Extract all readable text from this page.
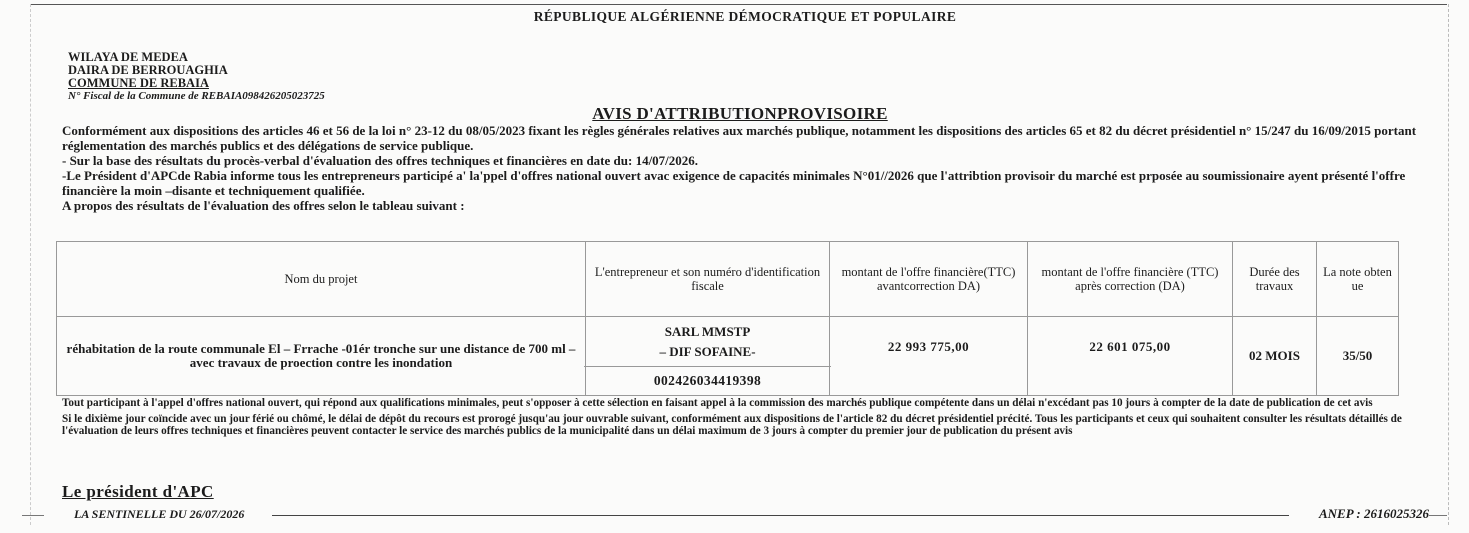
RÉPUBLIQUE ALGÉRIENNE DÉMOCRATIQUE ET POPULAIRE
WILAYA DE MEDEA
DAIRA DE BERROUAGHIA
COMMUNE DE REBAIA
N° Fiscal de la Commune de REBAIA098426205023725
AVIS D'ATTRIBUTIONPROVISOIRE

Conformément aux dispositions des articles 46 et 56 de la loi n° 23-12 du 08/05/2023 fixant les règles générales relatives aux marchés publique, notamment les dispositions des articles 65 et 82 du décret présidentiel n° 15/247 du 16/09/2015 portant réglementation des marchés publics et des délégations de service publique.

- Sur la base des résultats du procès-verbal d'évaluation des offres techniques et financières en date du: 14/07/2026.

-Le Président d'APCde Rabia informe tous les entrepreneurs participé a' la'ppel d'offres national ouvert avac exigence de capacités minimales N°01//2026 que l'attribtion provisoir du marché est prposée au soumissionaire ayent présenté l'offre financière la moin –disante et techniquement qualifiée.

A propos des résultats de l'évaluation des offres selon le tableau suivant :

Nom du projet	L'entrepreneur et son numéro d'identification fiscale	montant de l'offre financière(TTC) avantcorrection DA)	montant de l'offre financière (TTC) après correction (DA)	Durée des travaux	La note obten ue
réhabitation de la route communale El – Frrache -01ér tronche sur une distance de 700 ml – avec travaux de proection contre les inondation	SARL MMSTP
– DIF SOFAINE-
002426034419398	22 993 775,00	22 601 075,00	02 MOIS	35/50

Tout participant à l'appel d'offres national ouvert, qui répond aux qualifications minimales, peut s'opposer à cette sélection en faisant appel à la commission des marchés publique compétente dans un délai n'excédant pas 10 jours à compter de la date de publication de cet avis

Si le dixième jour coïncide avec un jour férié ou chômé, le délai de dépôt du recours est prorogé jusqu'au jour ouvrable suivant, conformément aux dispositions de l'article 82 du décret présidentiel précité. Tous les participants et ceux qui souhaitent consulter les résultats détaillés de l'évaluation de leurs offres techniques et financières peuvent contacter le service des marchés publics de la municipalité dans un délai maximum de 3 jours à compter du premier jour de publication du présent avis

Le président d'APC
LA SENTINELLE DU 26/07/2026	ANEP : 2616025326
